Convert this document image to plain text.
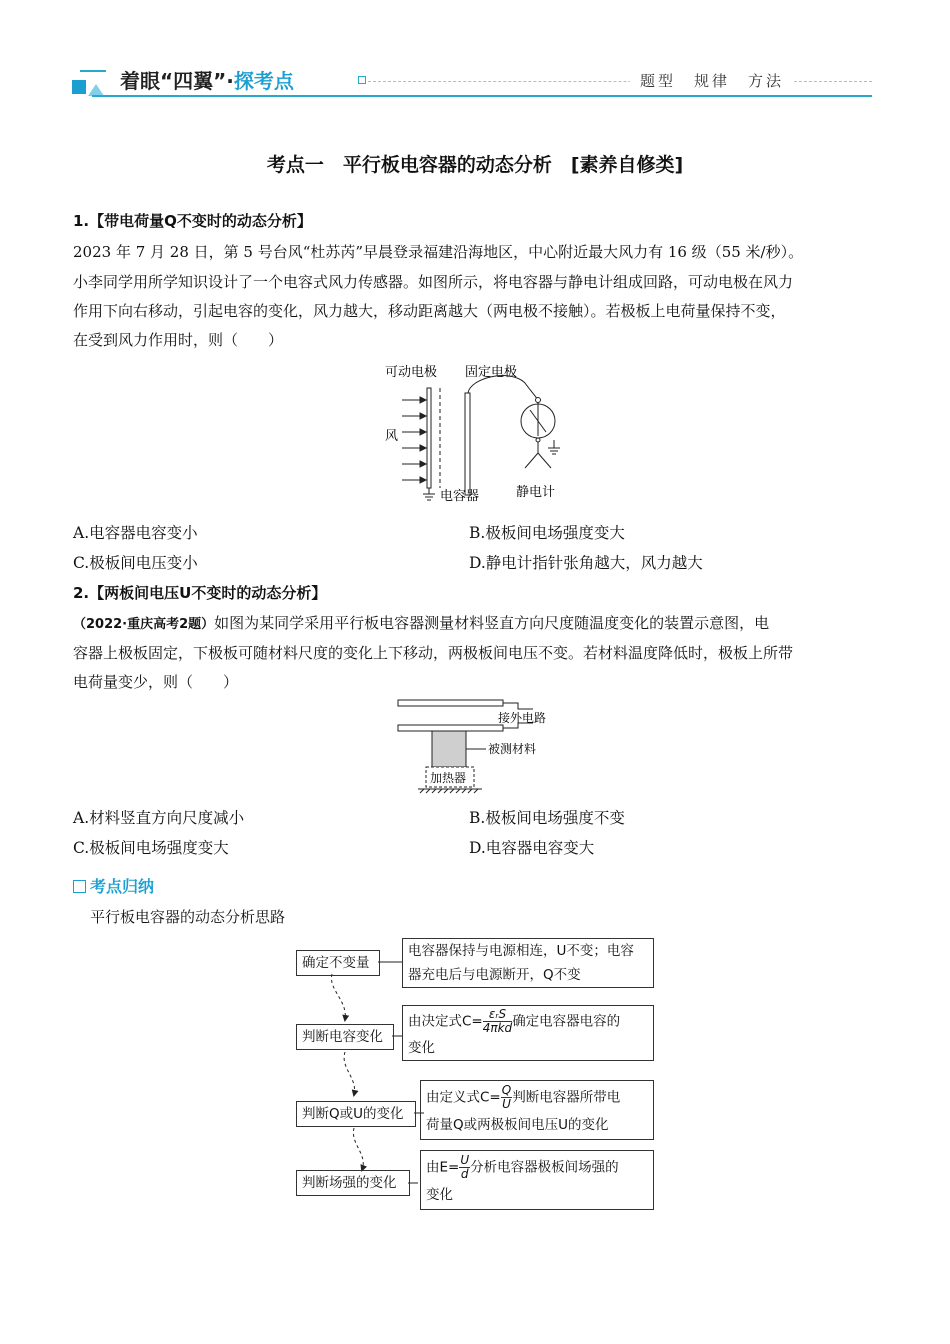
着眼“四翼”·探考点	题型　规律　方法
考点一　平行板电容器的动态分析　[素养自修类]
1.【带电荷量Q不变时的动态分析】
2023 年 7 月 28 日，第 5 号台风“杜苏芮”早晨登录福建沿海地区，中心附近最大风力有 16 级（55 米/秒）。
小李同学用所学知识设计了一个电容式风力传感器。如图所示，将电容器与静电计组成回路，可动电极在风力
作用下向右移动，引起电容的变化，风力越大，移动距离越大（两电极不接触）。若极板上电荷量保持不变，
在受到风力作用时，则（　　）
可动电极 固定电极
风
电容器	静电计
A.电容器电容变小	B.极板间电场强度变大
C.极板间电压变小	D.静电计指针张角越大，风力越大
2.【两板间电压U不变时的动态分析】
（2022·重庆高考2题）如图为某同学采用平行板电容器测量材料竖直方向尺度随温度变化的装置示意图，电
容器上极板固定，下极板可随材料尺度的变化上下移动，两极板间电压不变。若材料温度降低时，极板上所带
电荷量变少，则（　　）
接外电路
被测材料
加热器
A.材料竖直方向尺度减小	B.极板间电场强度不变
C.极板间电场强度变大	D.电容器电容变大
考点归纳
平行板电容器的动态分析思路
确定不变量
电容器保持与电源相连，U不变；电容
器充电后与电源断开，Q不变
判断电容变化
由决定式$C= \frac{\text{εᵣS}}{\text{4πkd}}$ 确定电容器电容的
变化
判断Q或U的变化
由定义式$C= \frac{Q}{U}$ 判断电容器所带电
荷量Q或两极板间电压U的变化
判断场强的变化
由$E= \frac{U}{d}$ 分析电容器极板间场强的
变化
